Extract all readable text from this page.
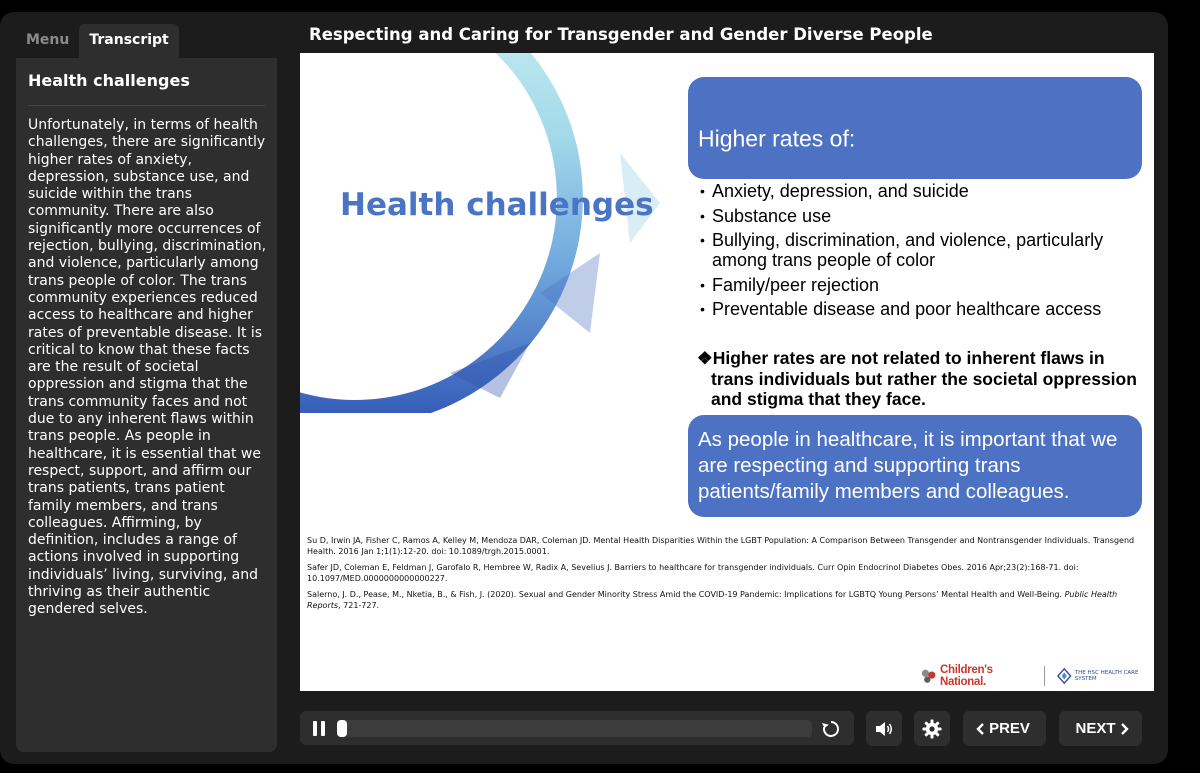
Menu	Transcript
Health challenges
Unfortunately, in terms of health challenges, there are significantly higher rates of anxiety, depression, substance use, and suicide within the trans community. There are also significantly more occurrences of rejection, bullying, discrimination, and violence, particularly among trans people of color. The trans community experiences reduced access to healthcare and higher rates of preventable disease. It is critical to know that these facts are the result of societal oppression and stigma that the trans community faces and not due to any inherent flaws within trans people. As people in healthcare, it is essential that we respect, support, and affirm our trans patients, trans patient family members, and trans colleagues. Affirming, by definition, includes a range of actions involved in supporting individuals’ living, surviving, and thriving as their authentic gendered selves.
Respecting and Caring for Transgender and Gender Diverse People
Health challenges
Higher rates of:
• Anxiety, depression, and suicide
• Substance use
• Bullying, discrimination, and violence, particularly among trans people of color
• Family/peer rejection
• Preventable disease and poor healthcare access
❖Higher rates are not related to inherent flaws in trans individuals but rather the societal oppression and stigma that they face.
As people in healthcare, it is important that we are respecting and supporting trans patients/family members and colleagues.

Su D, Irwin JA, Fisher C, Ramos A, Kelley M, Mendoza DAR, Coleman JD. Mental Health Disparities Within the LGBT Population: A Comparison Between Transgender and Nontransgender Individuals. Transgend Health. 2016 Jan 1;1(1):12-20. doi: 10.1089/trgh.2015.0001.

Safer JD, Coleman E, Feldman J, Garofalo R, Hembree W, Radix A, Sevelius J. Barriers to healthcare for transgender individuals. Curr Opin Endocrinol Diabetes Obes. 2016 Apr;23(2):168-71. doi: 10.1097/MED.0000000000000227.

Salerno, J. D., Pease, M., Nketia, B., & Fish, J. (2020). Sexual and Gender Minority Stress Amid the COVID-19 Pandemic: Implications for LGBTQ Young Persons’ Mental Health and Well-Being. Public Health Reports, 721-727.

Children's National.
THE HSC HEALTH CARE SYSTEM
PREV	NEXT
